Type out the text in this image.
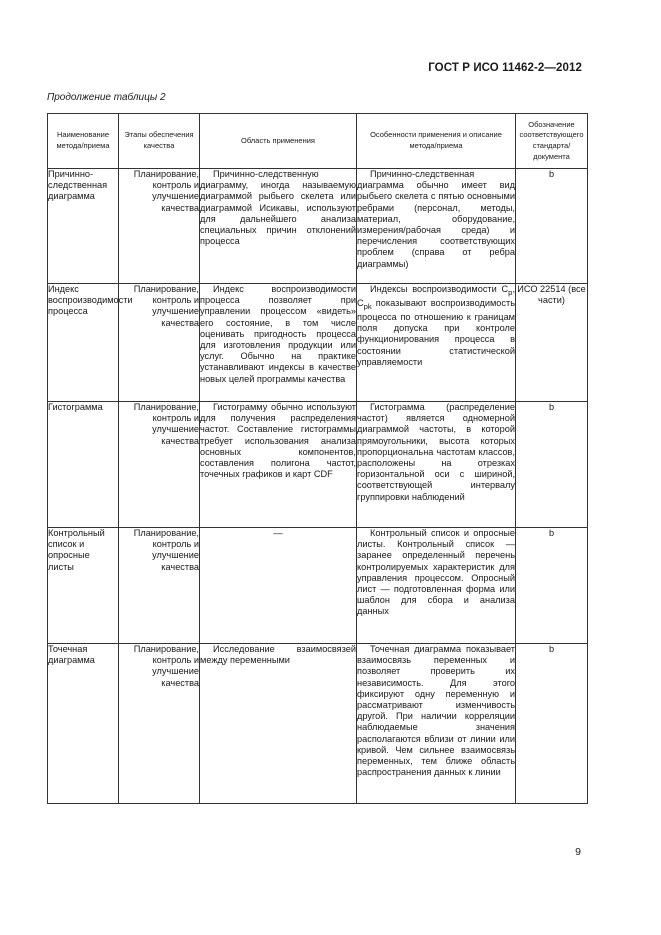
ГОСТ Р ИСО 11462-2—2012
Продолжение таблицы 2
Наименование метода/приема	Этапы обеспечения качества	Область применения	Особенности применения и описание метода/приема	Обозначение соответствующего стандарта/документа
Причинно-следственная диаграмма	Планирование, контроль и улучшение качества	Причинно-следственную диаграмму, иногда называемую диаграммой рыбьего скелета или диаграммой Исикавы, используют для дальнейшего анализа специальных причин отклонений процесса	Причинно-следственная диаграмма обычно имеет вид рыбьего скелета с пятью основными ребрами (персонал, методы, материал, оборудование, измерения/рабочая среда) и перечисления соответствующих проблем (справа от ребра диаграммы)	b
Индекс воспроизводимости процесса	Планирование, контроль и улучшение качества	Индекс воспроизводимости процесса позволяет при управлении процессом «видеть» его состояние, в том числе оценивать пригодность процесса для изготовления продукции или услуг. Обычно на практике устанавливают индексы в качестве новых целей программы качества	Индексы воспроизводимости $C_p$, $C_{pk}$ показывают воспроизводимость процесса по отношению к границам поля допуска при контроле функционирования процесса в состоянии статистической управляемости	ИСО 22514 (все части)
Гистограмма	Планирование, контроль и улучшение качества	Гистограмму обычно используют для получения распределения частот. Составление гистограммы требует использования анализа основных компонентов, составления полигона частот, точечных графиков и карт CDF	Гистограмма (распределение частот) является одномерной диаграммой частоты, в которой прямоугольники, высота которых пропорциональна частотам классов, расположены на отрезках горизонтальной оси с шириной, соответствующей интервалу группировки наблюдений	b
Контрольный список и опросные листы	Планирование, контроль и улучшение качества	—	Контрольный список и опросные листы. Контрольный список — заранее определенный перечень контролируемых характеристик для управления процессом. Опросный лист — подготовленная форма или шаблон для сбора и анализа данных	b
Точечная диаграмма	Планирование, контроль и улучшение качества	Исследование взаимосвязей между переменными	Точечная диаграмма показывает взаимосвязь переменных и позволяет проверить их независимость. Для этого фиксируют одну переменную и рассматривают изменчивость другой. При наличии корреляции наблюдаемые значения располагаются вблизи от линии или кривой. Чем сильнее взаимосвязь переменных, тем ближе область распространения данных к линии	b
9
